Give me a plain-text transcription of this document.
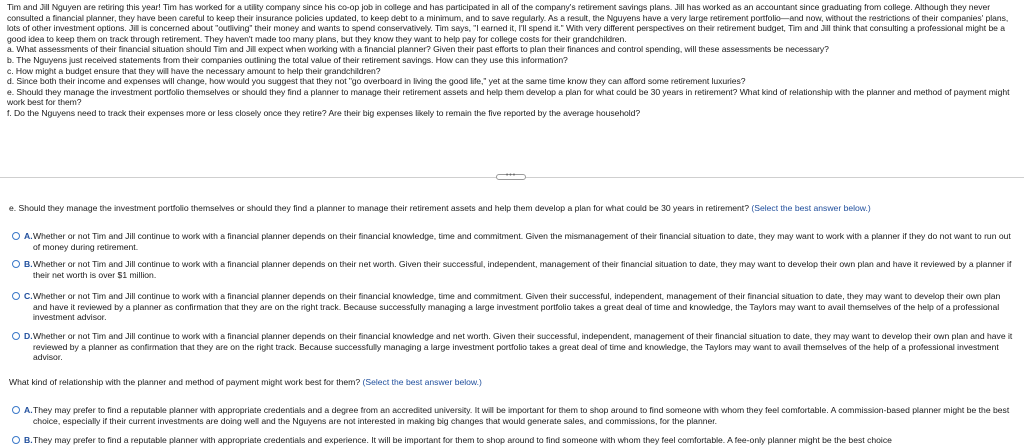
Tim and Jill Nguyen are retiring this year! Tim has worked for a utility company since his co-op job in college and has participated in all of the company's retirement savings plans. Jill has worked as an accountant since graduating from college. Although they never consulted a financial planner, they have been careful to keep their insurance policies updated, to keep debt to a minimum, and to save regularly. As a result, the Nguyens have a very large retirement portfolio—and now, without the restrictions of their companies' plans, lots of other investment options. Jill is concerned about "outliving" their money and wants to spend conservatively. Tim says, "I earned it, I'll spend it." With very different perspectives on their retirement budget, Tim and Jill think that consulting a professional might be a good idea to keep them on track through retirement. They haven't made too many plans, but they know they want to help pay for college costs for their grandchildren.

a. What assessments of their financial situation should Tim and Jill expect when working with a financial planner? Given their past efforts to plan their finances and control spending, will these assessments be necessary?

b. The Nguyens just received statements from their companies outlining the total value of their retirement savings. How can they use this information?

c. How might a budget ensure that they will have the necessary amount to help their grandchildren?

d. Since both their income and expenses will change, how would you suggest that they not "go overboard in living the good life," yet at the same time know they can afford some retirement luxuries?

e. Should they manage the investment portfolio themselves or should they find a planner to manage their retirement assets and help them develop a plan for what could be 30 years in retirement? What kind of relationship with the planner and method of payment might work best for them?

f. Do the Nguyens need to track their expenses more or less closely once they retire? Are their big expenses likely to remain the five reported by the average household?

•••
e. Should they manage the investment portfolio themselves or should they find a planner to manage their retirement assets and help them develop a plan for what could be 30 years in retirement? (Select the best answer below.)
A. Whether or not Tim and Jill continue to work with a financial planner depends on their financial knowledge, time and commitment. Given the mismanagement of their financial situation to date, they may want to work with a planner if they do not want to run out of money during retirement.
B. Whether or not Tim and Jill continue to work with a financial planner depends on their net worth. Given their successful, independent, management of their financial situation to date, they may want to develop their own plan and have it reviewed by a planner if their net worth is over $1 million.
C. Whether or not Tim and Jill continue to work with a financial planner depends on their financial knowledge, time and commitment. Given their successful, independent, management of their financial situation to date, they may want to develop their own plan and have it reviewed by a planner as confirmation that they are on the right track. Because successfully managing a large investment portfolio takes a great deal of time and knowledge, the Taylors may want to avail themselves of the help of a professional investment advisor.
D. Whether or not Tim and Jill continue to work with a financial planner depends on their financial knowledge and net worth. Given their successful, independent, management of their financial situation to date, they may want to develop their own plan and have it reviewed by a planner as confirmation that they are on the right track. Because successfully managing a large investment portfolio takes a great deal of time and knowledge, the Taylors may want to avail themselves of the help of a professional investment advisor.
What kind of relationship with the planner and method of payment might work best for them? (Select the best answer below.)
A. They may prefer to find a reputable planner with appropriate credentials and a degree from an accredited university. It will be important for them to shop around to find someone with whom they feel comfortable. A commission-based planner might be the best choice, especially if their current investments are doing well and the Nguyens are not interested in making big changes that would generate sales, and commissions, for the planner.
B. They may prefer to find a reputable planner with appropriate credentials and experience. It will be important for them to shop around to find someone with whom they feel comfortable. A fee-only planner might be the best choice
